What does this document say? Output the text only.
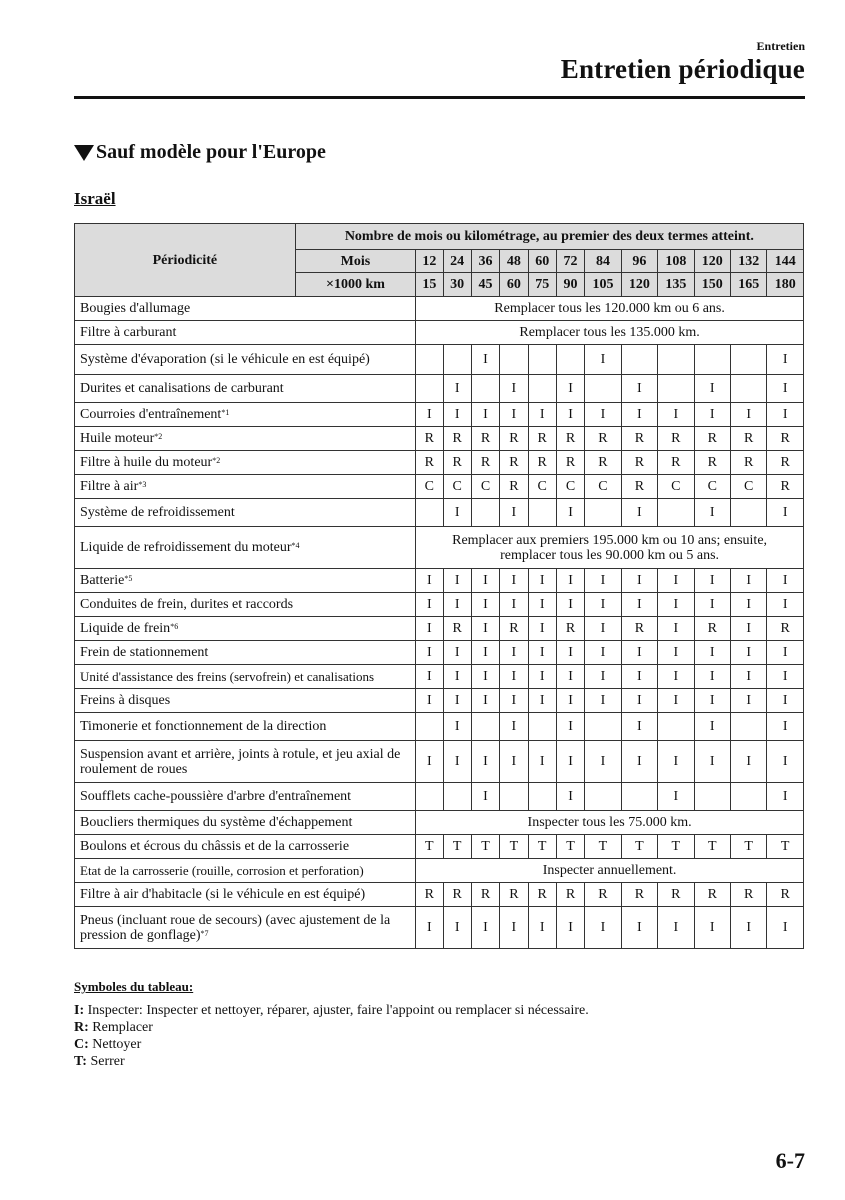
Entretien
Entretien périodique
Sauf modèle pour l'Europe
Israël
Périodicité	Nombre de mois ou kilométrage, au premier des deux termes atteint.												
	Mois	12	24	36	48	60	72	84	96	108	120	132	144
	×1000 km	15	30	45	60	75	90	105	120	135	150	165	180
Bougies d'allumage		Remplacer tous les 120.000 km ou 6 ans.											
Filtre à carburant		Remplacer tous les 135.000 km.											
Système d'évaporation (si le véhicule en est équipé)				I				I					I
Durites et canalisations de carburant			I		I		I		I		I		I
Courroies d'entraînement$^{*1}$		I	I	I	I	I	I	I	I	I	I	I	I
Huile moteur$^{*2}$		R	R	R	R	R	R	R	R	R	R	R	R
Filtre à huile du moteur$^{*2}$		R	R	R	R	R	R	R	R	R	R	R	R
Filtre à air$^{*3}$		C	C	C	R	C	C	C	R	C	C	C	R
Système de refroidissement			I		I		I		I		I		I
Liquide de refroidissement du moteur$^{*4}$		Remplacer aux premiers 195.000 km ou 10 ans; ensuite, remplacer tous les 90.000 km ou 5 ans.											
Batterie$^{*5}$		I	I	I	I	I	I	I	I	I	I	I	I
Conduites de frein, durites et raccords		I	I	I	I	I	I	I	I	I	I	I	I
Liquide de frein$^{*6}$		I	R	I	R	I	R	I	R	I	R	I	R
Frein de stationnement		I	I	I	I	I	I	I	I	I	I	I	I
Unité d'assistance des freins (servofrein) et canalisations		I	I	I	I	I	I	I	I	I	I	I	I
Freins à disques		I	I	I	I	I	I	I	I	I	I	I	I
Timonerie et fonctionnement de la direction			I		I		I		I		I		I
Suspension avant et arrière, joints à rotule, et jeu axial de roulement de roues		I	I	I	I	I	I	I	I	I	I	I	I
Soufflets cache-poussière d'arbre d'entraînement				I			I			I			I
Boucliers thermiques du système d'échappement		Inspecter tous les 75.000 km.											
Boulons et écrous du châssis et de la carrosserie		T	T	T	T	T	T	T	T	T	T	T	T
Etat de la carrosserie (rouille, corrosion et perforation)		Inspecter annuellement.											
Filtre à air d'habitacle (si le véhicule en est équipé)		R	R	R	R	R	R	R	R	R	R	R	R
Pneus (incluant roue de secours) (avec ajustement de la pression de gonflage)$^{*7}$		I	I	I	I	I	I	I	I	I	I	I	I
Symboles du tableau:
I: Inspecter: Inspecter et nettoyer, réparer, ajuster, faire l'appoint ou remplacer si nécessaire.
R: Remplacer
C: Nettoyer
T: Serrer
6-7
